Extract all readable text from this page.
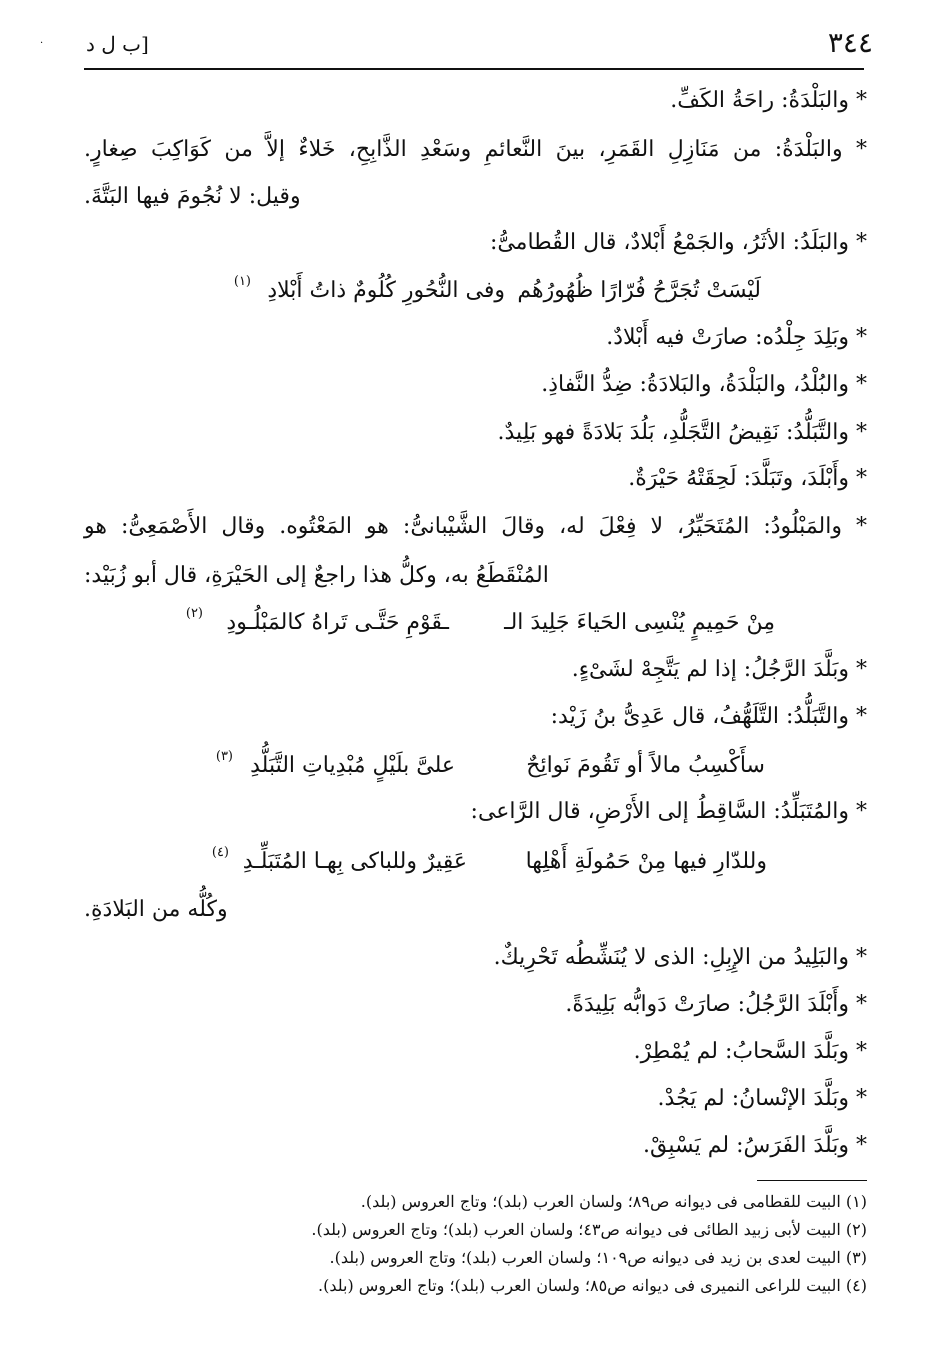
٣٤٤
[ب ل د
·
* والبَلْدَةُ: راحَةُ الكَفِّ.
* والبَلْدَةُ: من مَنَازِلِ القَمَرِ، بينَ النَّعائمِ وسَعْدِ الذَّابِحِ، خَلاءٌ إلاَّ من كَوَاكِبَ صِغارٍ.
وقيل: لا نُجُومَ فيها البَتَّةَ.
* والبَلَدُ: الأثَرُ، والجَمْعُ أَبْلادٌ، قال القُطامىُّ:
لَيْسَتْ تُجَرَّحُ فُرّارًا ظُهُورُهُم
وفى النُّحُورِ كُلُومٌ ذاتُ أَبْلادِ
(١)
* وبَلِدَ جِلْدُه: صارَتْ فيه أَبْلادٌ.
* والبُلْدُ، والبَلْدَةُ، والبَلادَةُ: ضِدُّ النَّفاذِ.
* والتَّبَلُّدُ: نَقِيضُ التَّجَلُّدِ، بَلُدَ بَلادَةً فهو بَلِيدٌ.
* وأَبْلَدَ، وتَبَلَّدَ: لَحِقَتْهُ حَيْرَةٌ.
* والمَبْلُودُ: المُتَحَيِّرُ، لا فِعْلَ له، وقالَ الشَّيْبانىُّ: هو المَعْتُوه. وقال الأَصْمَعِىُّ: هو
المُنْقَطَعُ به، وكلُّ هذا راجعٌ إلى الحَيْرَةِ، قال أبو زُبَيْد:
مِنْ حَمِيمٍ يُنْسِى الحَياءَ جَلِيدَ الـ
ـقَوْمِ حَتَّـى تَراهُ كالمَبْلُـودِ
(٢)
* وبَلَّدَ الرَّجُلُ: إذا لم يَتَّجِهْ لشَىْءٍ.
* والتَّبَلُّدُ: التَّلَهُّفُ، قال عَدِىُّ بنُ زَيْد:
سأَكْسِبُ مالاً أو تَقُومَ نَوائِحٌ
علىَّ بلَيْلٍ مُبْدِياتِ التَّبَلُّدِ
(٣)
* والمُتَبَلِّدُ: السَّاقِطُ إلى الأَرْضِ، قال الرَّاعى:
وللدّارِ فيها مِنْ حَمُولَةِ أَهْلِها
عَقِيرٌ وللباكى بِهـا المُتَبَلِّـدِ
(٤)
وكُلُّه من البَلادَةِ.
* والبَلِيدُ من الإِبِلِ: الذى لا يُنَشِّطُه تَحْرِيكٌ.
* وأَبْلَدَ الرَّجُلُ: صارَتْ دَوابُّه بَلِيدَةً.
* وبَلَّدَ السَّحابُ: لم يُمْطِرْ.
* وبَلَّدَ الإنْسانُ: لم يَجُدْ.
* وبَلَّدَ الفَرَسُ: لم يَسْبِقْ.
(١) البيت للقطامى فى ديوانه ص٨٩؛ ولسان العرب (بلد)؛ وتاج العروس (بلد).
(٢) البيت لأبى زبيد الطائى فى ديوانه ص٤٣؛ ولسان العرب (بلد)؛ وتاج العروس (بلد).
(٣) البيت لعدى بن زيد فى ديوانه ص١٠٩؛ ولسان العرب (بلد)؛ وتاج العروس (بلد).
(٤) البيت للراعى النميرى فى ديوانه ص٨٥؛ ولسان العرب (بلد)؛ وتاج العروس (بلد).
